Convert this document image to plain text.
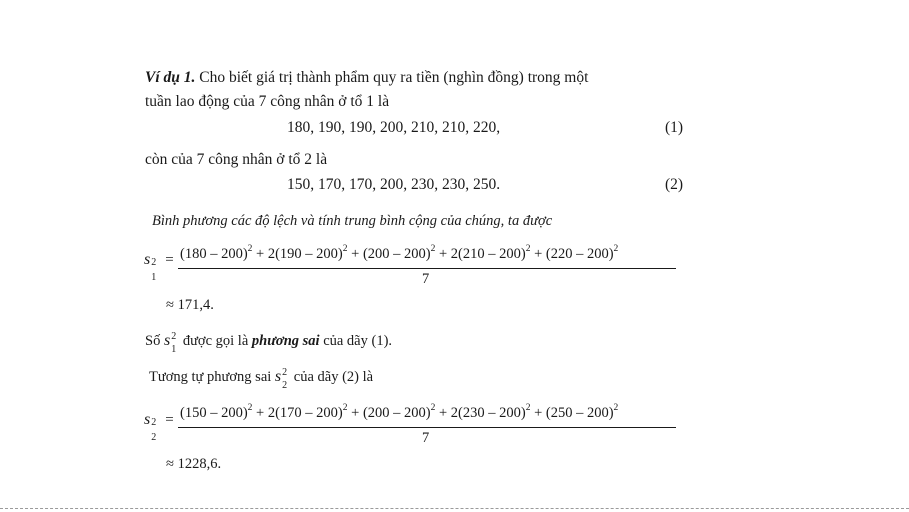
Ví dụ 1. Cho biết giá trị thành phẩm quy ra tiền (nghìn đồng) trong một
tuần lao động của 7 công nhân ở tổ 1 là
180, 190, 190, 200, 210, 210, 220,	(1)
còn của 7 công nhân ở tổ 2 là
150, 170, 170, 200, 230, 230, 250.	(2)
Bình phương các độ lệch và tính trung bình cộng của chúng, ta được
s 2
1
= (180 – 200)$^2$ + 2(190 – 200)$^2$ + (200 – 200)$^2$ + 2(210 – 200)$^2$ + (220 – 200)$^2$
7
≈ 171,4.
Số s 2
1
được gọi là phương sai của dãy (1).
Tương tự phương sai s 2
2
của dãy (2) là
s 2
2
= (150 – 200)$^2$ + 2(170 – 200)$^2$ + (200 – 200)$^2$ + 2(230 – 200)$^2$ + (250 – 200)$^2$
7
≈ 1228,6.
